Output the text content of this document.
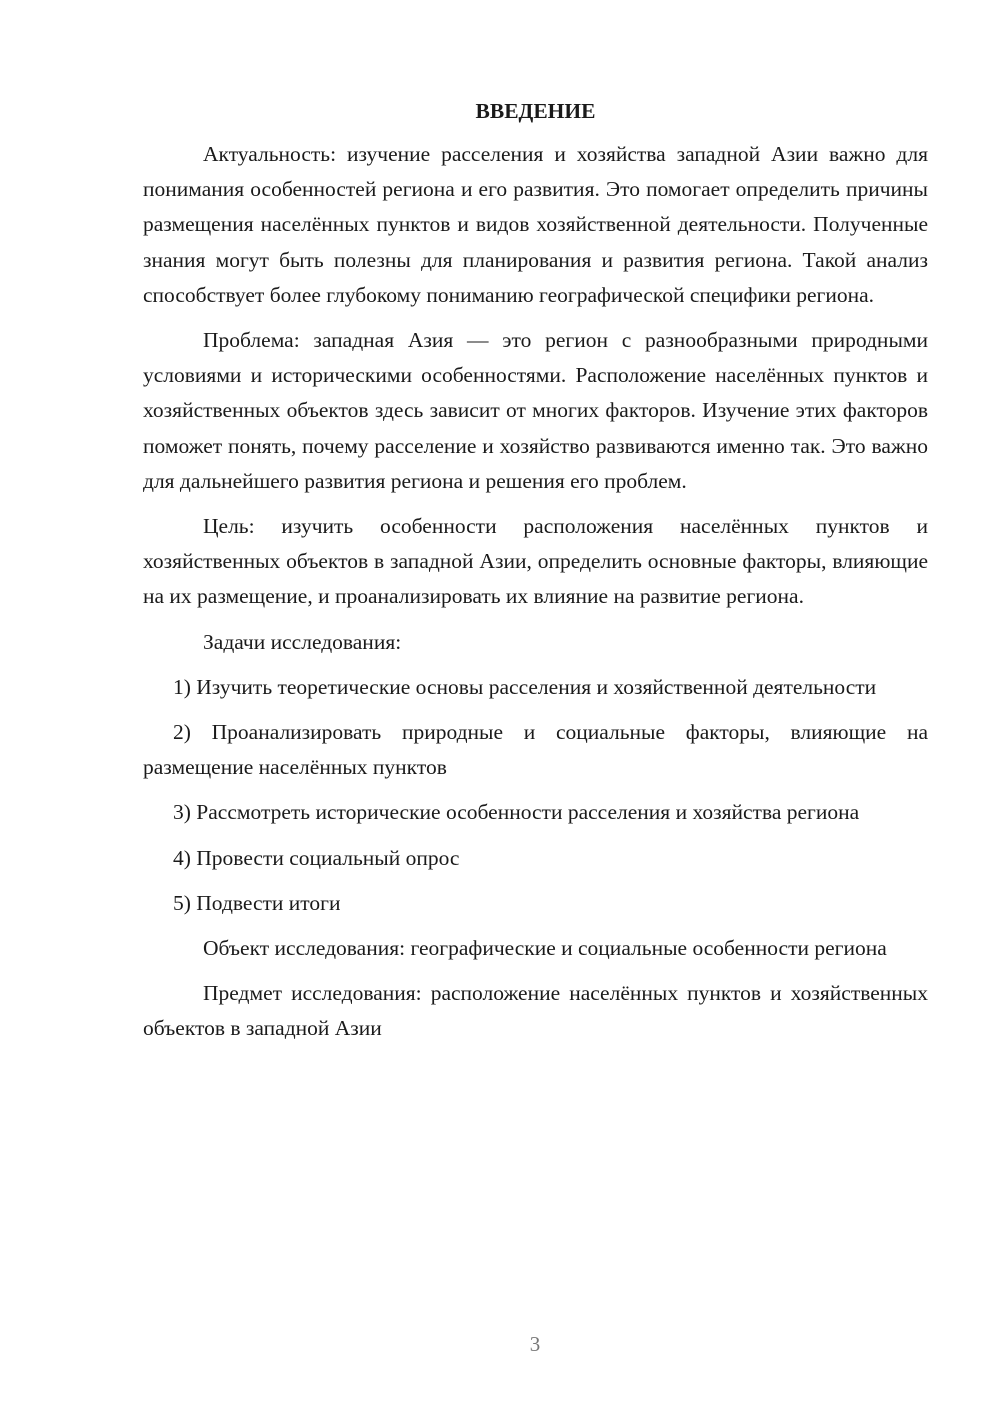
ВВЕДЕНИЕ

Актуальность: изучение расселения и хозяйства западной Азии важно для понимания особенностей региона и его развития. Это помогает определить причины размещения населённых пунктов и видов хозяйственной деятельности. Полученные знания могут быть полезны для планирования и развития региона. Такой анализ способствует более глубокому пониманию географической специфики региона.

Проблема: западная Азия — это регион с разнообразными природными условиями и историческими особенностями. Расположение населённых пунктов и хозяйственных объектов здесь зависит от многих факторов. Изучение этих факторов поможет понять, почему расселение и хозяйство развиваются именно так. Это важно для дальнейшего развития региона и решения его проблем.

Цель: изучить особенности расположения населённых пунктов и хозяйственных объектов в западной Азии, определить основные факторы, влияющие на их размещение, и проанализировать их влияние на развитие региона.

Задачи исследования:

1) Изучить теоретические основы расселения и хозяйственной деятельности

2) Проанализировать природные и социальные факторы, влияющие на размещение населённых пунктов

3) Рассмотреть исторические особенности расселения и хозяйства региона

4) Провести социальный опрос

5) Подвести итоги

Объект исследования: географические и социальные особенности региона

Предмет исследования: расположение населённых пунктов и хозяйственных объектов в западной Азии

3
